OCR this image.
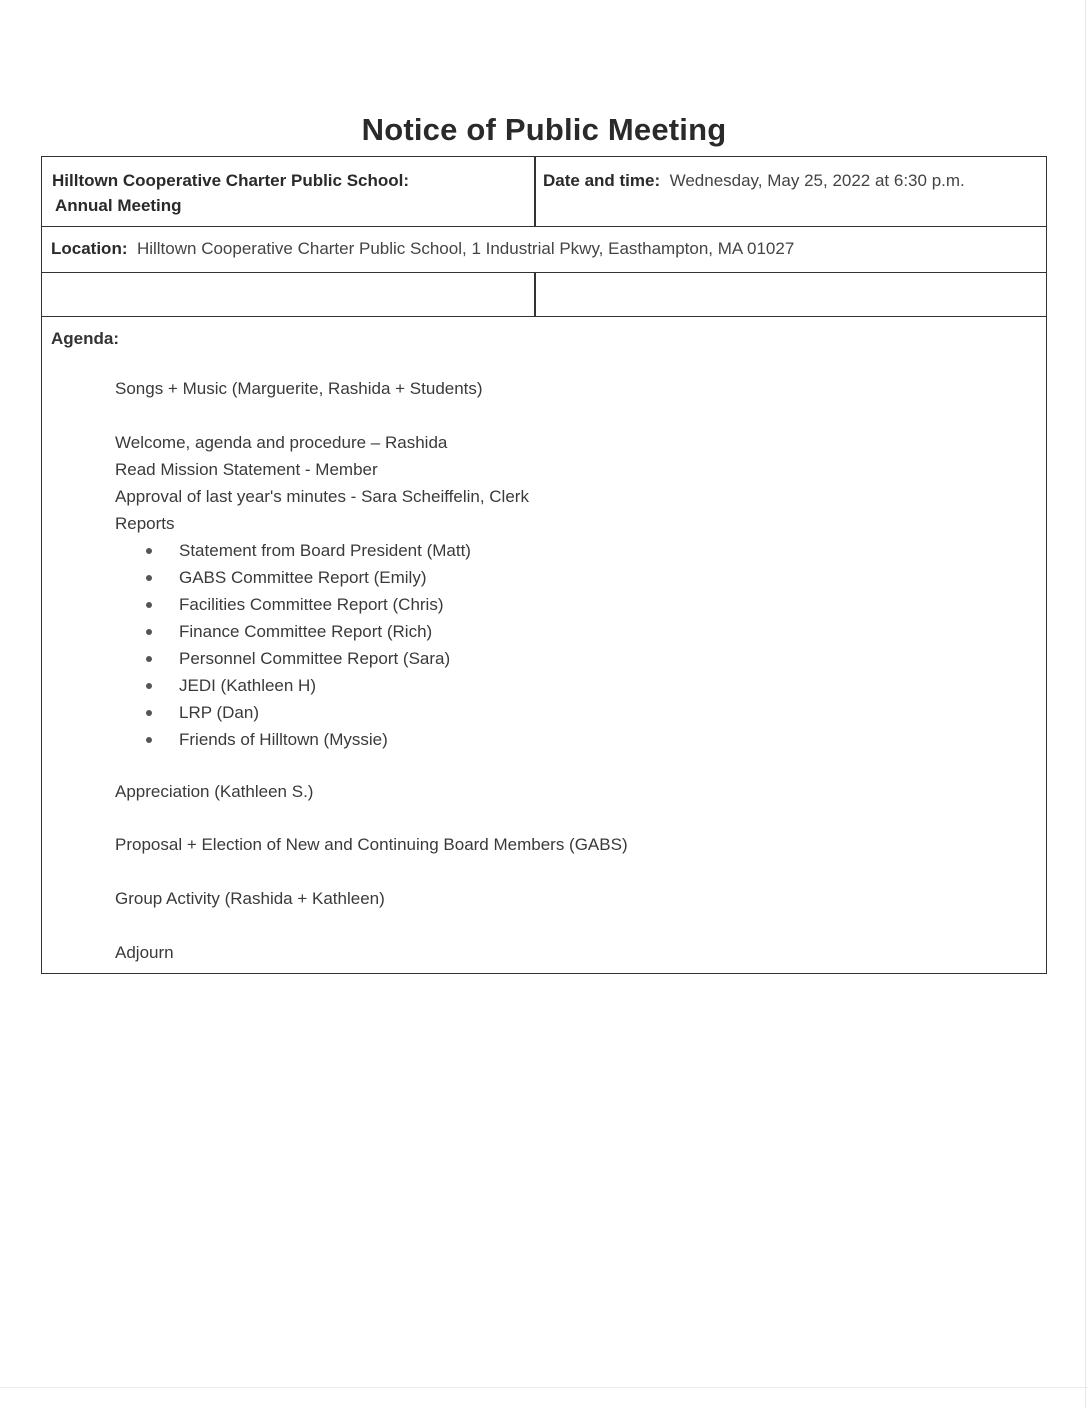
Notice of Public Meeting
Hilltown Cooperative Charter Public School:
Annual Meeting
Date and time: Wednesday, May 25, 2022 at 6:30 p.m.
Location: Hilltown Cooperative Charter Public School, 1 Industrial Pkwy, Easthampton, MA 01027
Agenda:
Songs + Music (Marguerite, Rashida + Students)
Welcome, agenda and procedure – Rashida
Read Mission Statement - Member
Approval of last year's minutes - Sara Scheiffelin, Clerk
Reports
Statement from Board President (Matt)
GABS Committee Report (Emily)
Facilities Committee Report (Chris)
Finance Committee Report (Rich)
Personnel Committee Report (Sara)
JEDI (Kathleen H)
LRP (Dan)
Friends of Hilltown (Myssie)
Appreciation (Kathleen S.)
Proposal + Election of New and Continuing Board Members (GABS)
Group Activity (Rashida + Kathleen)
Adjourn
